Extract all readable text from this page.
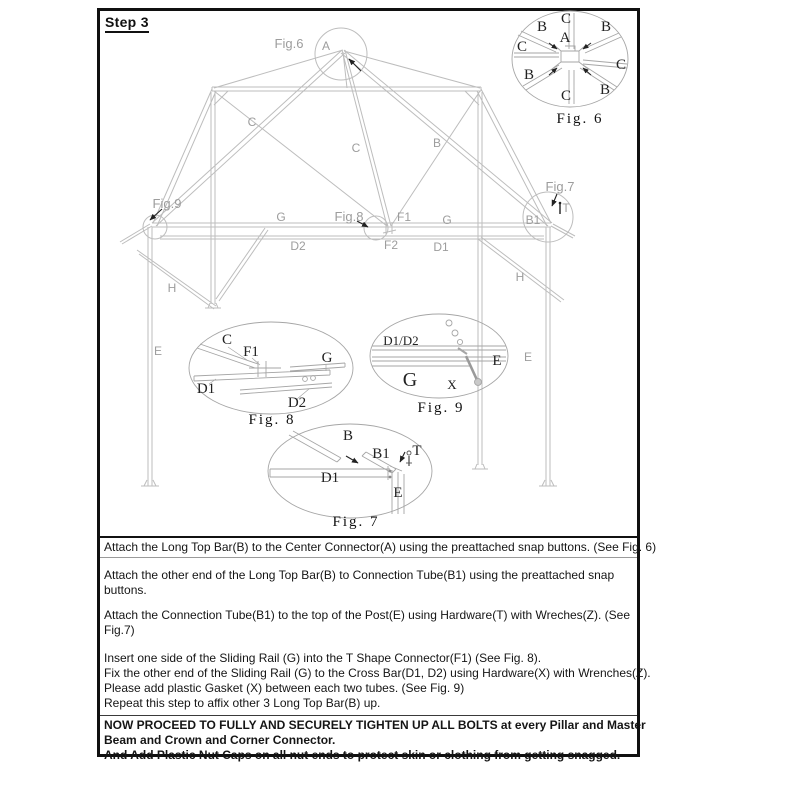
Step 3
Fig.6 A
C
C	B
Fig.9
G	Fig.8	F1
F2
D2
G
D1
B1
T
Fig.7
H
H
E	E
C
B	B
A
C
C
B
B
C
Fig. 6
C
F1	G
D1
D2
Fig. 8
D1/D2
E
G X
Fig. 9
B
B1 T
D1
E
Fig. 7
Attach the Long Top Bar(B) to the Center Connector(A) using the preattached snap buttons. (See Fig. 6)
Attach the other end of the Long Top Bar(B) to Connection Tube(B1) using the preattached snap
buttons.
Attach the Connection Tube(B1) to the top of the Post(E) using Hardware(T) with Wreches(Z). (See
Fig.7)
Insert one side of the Sliding Rail (G) into the T Shape Connector(F1) (See Fig. 8).
Fix the other end of the Sliding Rail (G) to the Cross Bar(D1, D2) using Hardware(X) with Wrenches(Z).
Please add plastic Gasket (X) between each two tubes. (See Fig. 9)
Repeat this step to affix other 3 Long Top Bar(B) up.
NOW PROCEED TO FULLY AND SECURELY TIGHTEN UP ALL BOLTS at every Pillar and Master
Beam and Crown and Corner Connector.
And Add Plastic Nut Caps on all nut ends to protect skin or clothing from getting snagged.
